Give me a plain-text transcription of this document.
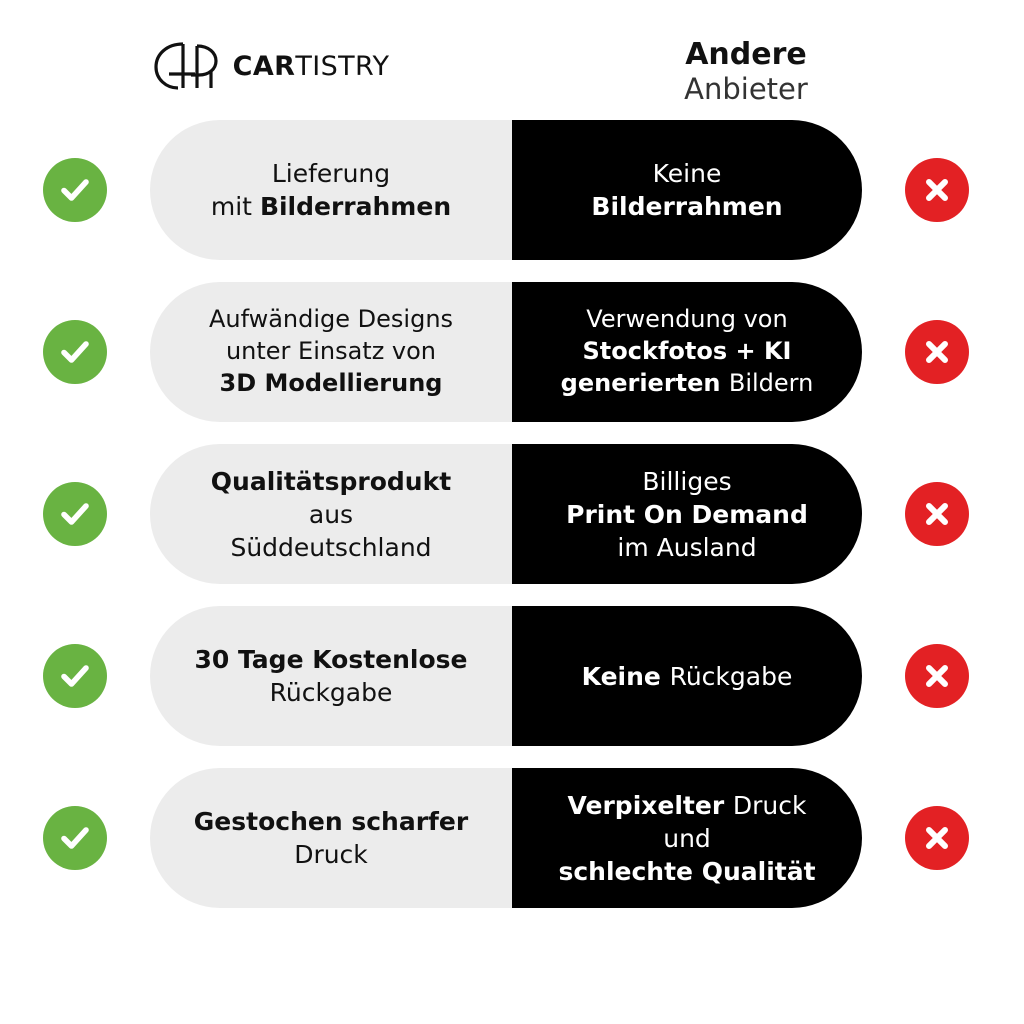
CARTISTRY	Andere
Anbieter
Lieferung
mit Bilderrahmen
Keine
Bilderrahmen
Aufwändige Designs
unter Einsatz von
3D Modellierung
Verwendung von
Stockfotos + KI
generierten Bildern
Qualitätsprodukt
aus
Süddeutschland
Billiges
Print On Demand
im Ausland
30 Tage Kostenlose
Rückgabe
Keine Rückgabe
Gestochen scharfer
Druck
Verpixelter Druck
und
schlechte Qualität
